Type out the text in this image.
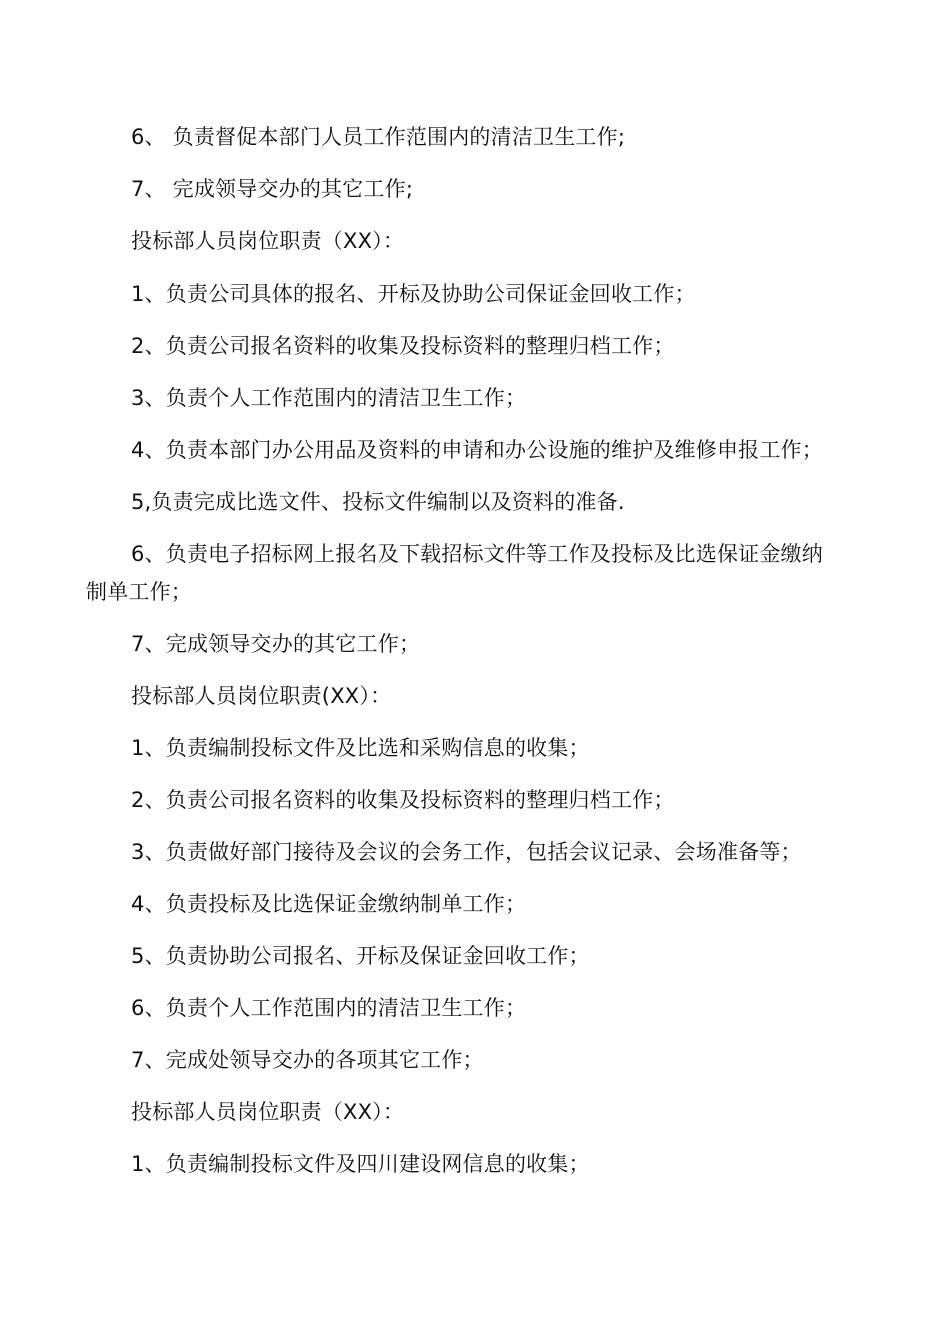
6、 负责督促本部门人员工作范围内的清洁卫生工作;
7、 完成领导交办的其它工作;
投标部人员岗位职责（XX）：
1、负责公司具体的报名、开标及协助公司保证金回收工作；
2、负责公司报名资料的收集及投标资料的整理归档工作；
3、负责个人工作范围内的清洁卫生工作；
4、负责本部门办公用品及资料的申请和办公设施的维护及维修申报工作；
5,负责完成比选文件、投标文件编制以及资料的准备.
6、负责电子招标网上报名及下载招标文件等工作及投标及比选保证金缴纳
制单工作；
7、完成领导交办的其它工作；
投标部人员岗位职责(XX）：
1、负责编制投标文件及比选和采购信息的收集；
2、负责公司报名资料的收集及投标资料的整理归档工作；
3、负责做好部门接待及会议的会务工作，包括会议记录、会场准备等；
4、负责投标及比选保证金缴纳制单工作；
5、负责协助公司报名、开标及保证金回收工作；
6、负责个人工作范围内的清洁卫生工作；
7、完成处领导交办的各项其它工作；
投标部人员岗位职责（XX）：
1、负责编制投标文件及四川建设网信息的收集；
